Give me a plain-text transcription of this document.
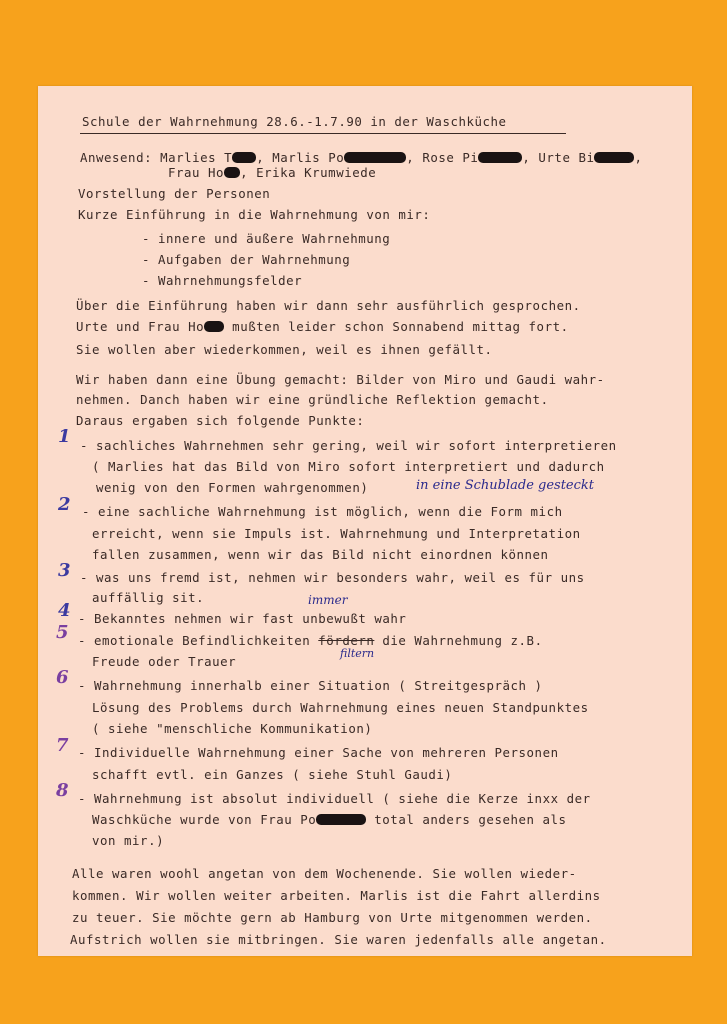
Schule der Wahrnehmung 28.6.-1.7.90 in der Waschküche
Anwesend: Marlies T , Marlis Po	, Rose Pi	, Urte Bi	,
Frau Ho , Erika Krumwiede
Vorstellung der Personen
Kurze Einführung in die Wahrnehmung von mir:
- innere und äußere Wahrnehmung
- Aufgaben der Wahrnehmung
- Wahrnehmungsfelder
Über die Einführung haben wir dann sehr ausführlich gesprochen.
Urte und Frau Ho mußten leider schon Sonnabend mittag fort.
Sie wollen aber wiederkommen, weil es ihnen gefällt.
Wir haben dann eine Übung gemacht: Bilder von Miro und Gaudi wahr-
nehmen. Danch haben wir eine gründliche Reflektion gemacht.
Daraus ergaben sich folgende Punkte:
1 - sachliches Wahrnehmen sehr gering, weil wir sofort interpretieren
( Marlies hat das Bild von Miro sofort interpretiert und dadurch
wenig von den Formen wahrgenommen)	in eine Schublade gesteckt
2 - eine sachliche Wahrnehmung ist möglich, wenn die Form mich
erreicht, wenn sie Impuls ist. Wahrnehmung und Interpretation
fallen zusammen, wenn wir das Bild nicht einordnen können
3 - was uns fremd ist, nehmen wir besonders wahr, weil es für uns
auffällig sit.	immer
4 - Bekanntes nehmen wir fast unbewußt wahr
5 - emotionale Befindlichkeiten fördern die Wahrnehmung z.B.
filtern
Freude oder Trauer
6 - Wahrnehmung innerhalb einer Situation ( Streitgespräch )
Lösung des Problems durch Wahrnehmung eines neuen Standpunktes
( siehe "menschliche Kommunikation)
7 - Individuelle Wahrnehmung einer Sache von mehreren Personen
schafft evtl. ein Ganzes ( siehe Stuhl Gaudi)
8 - Wahrnehmung ist absolut individuell ( siehe die Kerze inxx der
Waschküche wurde von Frau Po	total anders gesehen als
von mir.)
Alle waren woohl angetan von dem Wochenende. Sie wollen wieder-
kommen. Wir wollen weiter arbeiten. Marlis ist die Fahrt allerdins
zu teuer. Sie möchte gern ab Hamburg von Urte mitgenommen werden.
Aufstrich wollen sie mitbringen. Sie waren jedenfalls alle angetan.
